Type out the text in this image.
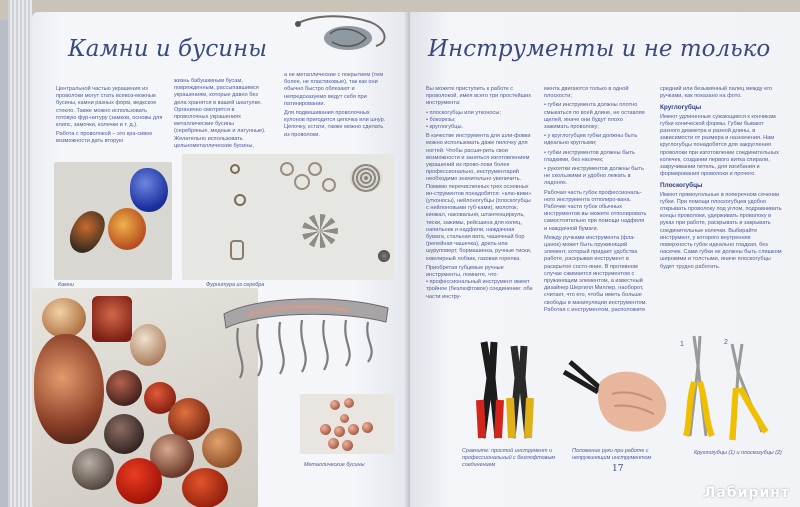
Камни и бусины

Центральной частью украшения из проволоки могут стать всевоз-можные бусины, камни разных форм, ведкское стекло. Также можно использовать готовую фур-нитуру (замков, основы для клипс, замочки, колечки и т. д.).

Работа с проволокой – это кра-сивое возможности дать вторую

жизнь бабушкиным бусам, поврежденным, рассыпавшимся украшениям, которые давно без дела хранятся в вашей шкатулке. Органично смотрятся в проволочных украшениях металлические бусины (серебряные, медные и латунные). Желательно использовать цельнометаллические бусины,

а не металлические с покрытием (тем более, не пластиковые), так как они обычно быстро облезают и непредсказуемо ведут себя при патинировании.

Для подвешивания проволочных кулонов пригодится цепочка или шнур. Цепочку, кстати, также можно сделать из проволоки.

Камни	Фурнитура из серебра
Металлические бусины
Инструменты и не только

Вы можете приступить к работе с проволокой, имея всего три простейших инструмента:

• плоскогубцы или утконосы;

• бокорезы;

• круглогубцы.

В качестве инструмента для шли-фовки можно использовать даже пилочку для ногтей. Чтобы расши-рить свои возможности и заняться изготовлением украшений из прово-локи более профессионально, инструментарий необходимо значительно увеличить. Помимо перечисленных трех основных ин-струментов понадобятся: «клю-вики» (утконосы), нейлоногубцы (плоскогубцы с нейлоновыми губ-ками), молоток, кинжал, наковальня, штангенциркуль, тиски, зажимы, рейсшина для колец, напильник и надфили, наждачная бумага, стальная вата, чашечный бор (репейная чашечка), дрель или шуруповерт, бормашинка, ручные тиски, ювелирный лобзик, газовая горелка.

Приобретая губцевые ручные инструменты, помните, что:

• профессиональный инструмент имеет тройное (безлюфтовое) соединение: обе части инстру-

мента двигаются только в одной плоскости;

• губки инструмента должны плотно смыкаться по всей длине, не оставляя щелей, иначе они будут плохо зажимать проволоку;

• у круглогубцев губки должны быть идеально круглыми;

• губки инструментов должны быть гладкими, без насечек;

• рукоятки инструментов должны быть не скользкими и удобно лежать в ладонях.

Рабочая часть губок профессиональ-ного инструмента отполиро-вана. Рабочие части губок обычных инструментов вы можете отполировать самостоятельно при помощи надфиля и наждачной бумаги.

Между ручками инструмента (фла-цанок) может быть пружинящий элемент, который придает удобства работе, раскрывая инструмент в раскрытое состо-яние. В противном случае сжимается инструментом с пружинящим элементом, а известный дизайнер Шергилл Миллер, наоборот, считает, что его, чтобы иметь больше свободы в манипуляции инструментом. Работая с инструментом, расположите

средний или безымянный палец между его ручками, как показано на фото.

Круглогубцы

Имеют удлиненные сужающиеся к кончикам губки конической формы. Губки бывают разного диаметра и разной длины, в зависимости от размера и назначения. Нам круглогубцы понадобятся для закругления проволоки при изготовлении соединительных колечек, создании первого витка спирали, закручивании петель, для изгибания и формирования проволоки и прочего.

Плоскогубцы

Имеют прямоугольные в поперечном сечении губки. При помощи плоскогубцев удобно открывать проволоку под углом, подравнивать концы проволоки, удерживать проволоку в руках при работе, раскрывать и закрывать соединительные колечки. Выбирайте инструмент, у которого внутренняя поверхность губок идеально гладкая, без насечек. Сами губки не должны быть слишком широкими и толстыми, иначе плоскогубцы будет трудно работать.

Сравните: простой инструмент и профессиональный с безлюфтовым соединением
Положение руки при работе с непружинящим инструментом
1	2
Круглогубцы (1) и плоскогубцы (2)
17
Лабиринт
